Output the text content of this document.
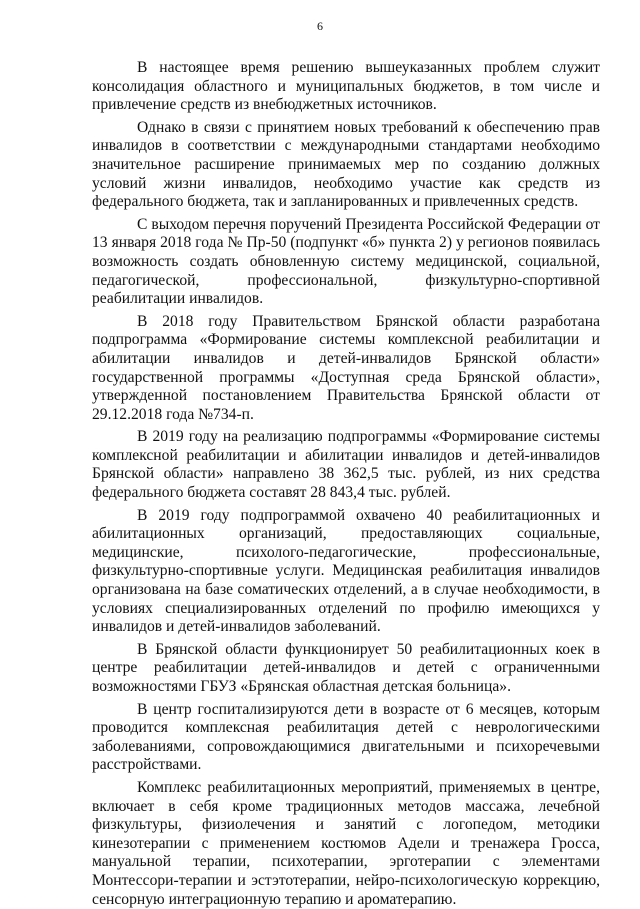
6

В настоящее время решению вышеуказанных проблем служит консолидация областного и муниципальных бюджетов, в том числе и привлечение средств из внебюджетных источников.

Однако в связи с принятием новых требований к обеспечению прав инвалидов в соответствии с международными стандартами необходимо значительное расширение принимаемых мер по созданию должных условий жизни инвалидов, необходимо участие как средств из федерального бюджета, так и запланированных и привлеченных средств.

С выходом перечня поручений Президента Российской Федерации от 13 января 2018 года № Пр-50 (подпункт «б» пункта 2) у регионов появилась возможность создать обновленную систему медицинской, социальной, педагогической, профессиональной, физкультурно-спортивной реабилитации инвалидов.

В 2018 году Правительством Брянской области разработана подпрограмма «Формирование системы комплексной реабилитации и абилитации инвалидов и детей-инвалидов Брянской области» государственной программы «Доступная среда Брянской области», утвержденной постановлением Правительства Брянской области от 29.12.2018 года №734-п.

В 2019 году на реализацию подпрограммы «Формирование системы комплексной реабилитации и абилитации инвалидов и детей-инвалидов Брянской области» направлено 38 362,5 тыс. рублей, из них средства федерального бюджета составят 28 843,4 тыс. рублей.

В 2019 году подпрограммой охвачено 40 реабилитационных и абилитационных организаций, предоставляющих социальные, медицинские, психолого-педагогические, профессиональные, физкультурно-спортивные услуги. Медицинская реабилитация инвалидов организована на базе соматических отделений, а в случае необходимости, в условиях специализированных отделений по профилю имеющихся у инвалидов и детей-инвалидов заболеваний.

В Брянской области функционирует 50 реабилитационных коек в центре реабилитации детей-инвалидов и детей с ограниченными возможностями ГБУЗ «Брянская областная детская больница».

В центр госпитализируются дети в возрасте от 6 месяцев, которым проводится комплексная реабилитация детей с неврологическими заболеваниями, сопровождающимися двигательными и психоречевыми расстройствами.

Комплекс реабилитационных мероприятий, применяемых в центре, включает в себя кроме традиционных методов массажа, лечебной физкультуры, физиолечения и занятий с логопедом, методики кинезотерапии с применением костюмов Адели и тренажера Гросса, мануальной терапии, психотерапии, эрготерапии с элементами Монтессори-терапии и эстэтотерапии, нейро-психологическую коррекцию, сенсорную интеграционную терапию и ароматерапию.
